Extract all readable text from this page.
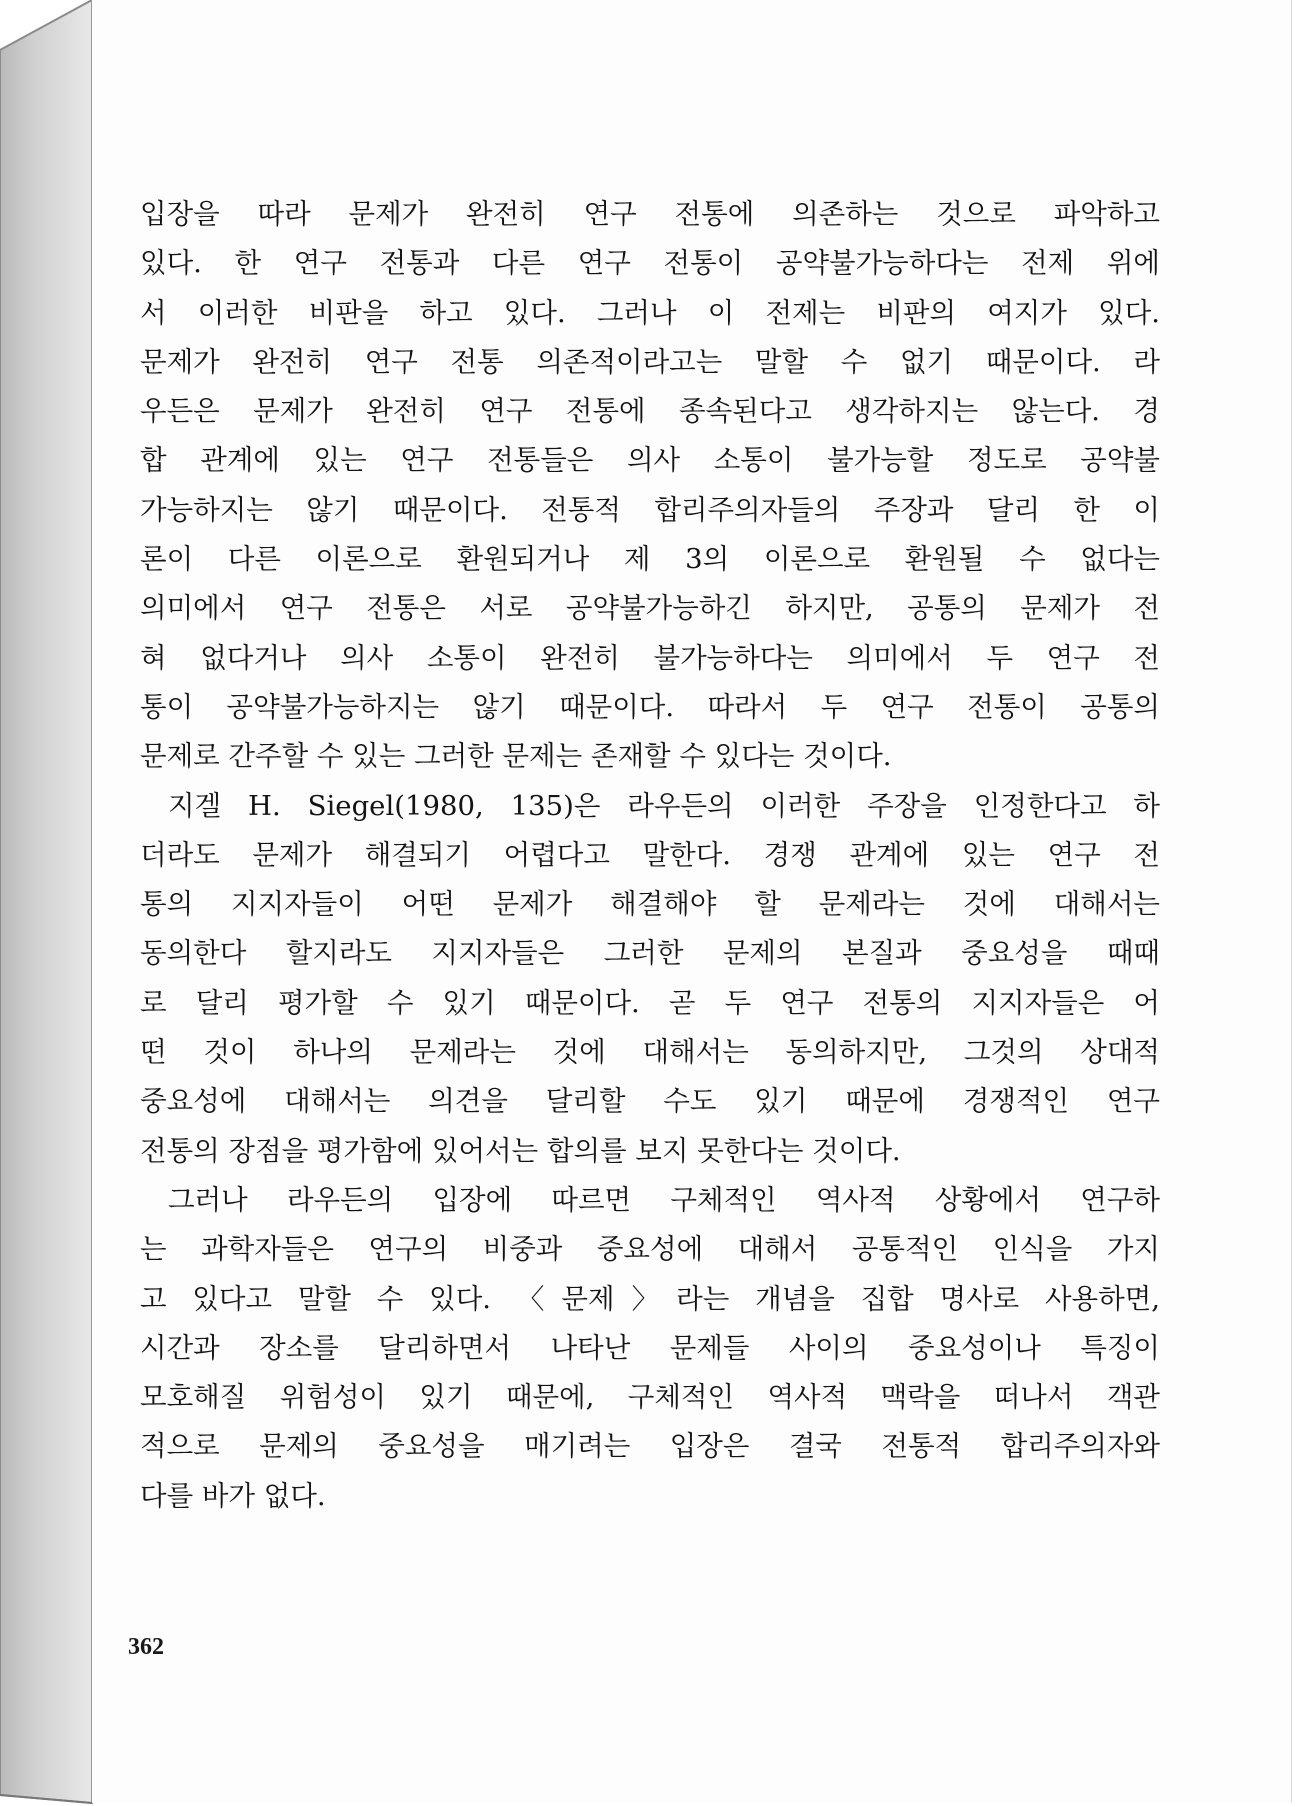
입장을 따라 문제가 완전히 연구 전통에 의존하는 것으로 파악하고
있다. 한 연구 전통과 다른 연구 전통이 공약불가능하다는 전제 위에
서 이러한 비판을 하고 있다. 그러나 이 전제는 비판의 여지가 있다.
문제가 완전히 연구 전통 의존적이라고는 말할 수 없기 때문이다. 라
우든은 문제가 완전히 연구 전통에 종속된다고 생각하지는 않는다. 경
합 관계에 있는 연구 전통들은 의사 소통이 불가능할 정도로 공약불
가능하지는 않기 때문이다. 전통적 합리주의자들의 주장과 달리 한 이
론이 다른 이론으로 환원되거나 제 3의 이론으로 환원될 수 없다는
의미에서 연구 전통은 서로 공약불가능하긴 하지만, 공통의 문제가 전
혀 없다거나 의사 소통이 완전히 불가능하다는 의미에서 두 연구 전
통이 공약불가능하지는 않기 때문이다. 따라서 두 연구 전통이 공통의
문제로 간주할 수 있는 그러한 문제는 존재할 수 있다는 것이다.
지겔 H. Siegel(1980, 135)은 라우든의 이러한 주장을 인정한다고 하
더라도 문제가 해결되기 어렵다고 말한다. 경쟁 관계에 있는 연구 전
통의 지지자들이 어떤 문제가 해결해야 할 문제라는 것에 대해서는
동의한다 할지라도 지지자들은 그러한 문제의 본질과 중요성을 때때
로 달리 평가할 수 있기 때문이다. 곧 두 연구 전통의 지지자들은 어
떤 것이 하나의 문제라는 것에 대해서는 동의하지만, 그것의 상대적
중요성에 대해서는 의견을 달리할 수도 있기 때문에 경쟁적인 연구
전통의 장점을 평가함에 있어서는 합의를 보지 못한다는 것이다.
그러나 라우든의 입장에 따르면 구체적인 역사적 상황에서 연구하
는 과학자들은 연구의 비중과 중요성에 대해서 공통적인 인식을 가지
고 있다고 말할 수 있다. 〈문제〉라는 개념을 집합 명사로 사용하면,
시간과 장소를 달리하면서 나타난 문제들 사이의 중요성이나 특징이
모호해질 위험성이 있기 때문에, 구체적인 역사적 맥락을 떠나서 객관
적으로 문제의 중요성을 매기려는 입장은 결국 전통적 합리주의자와
다를 바가 없다.
362
